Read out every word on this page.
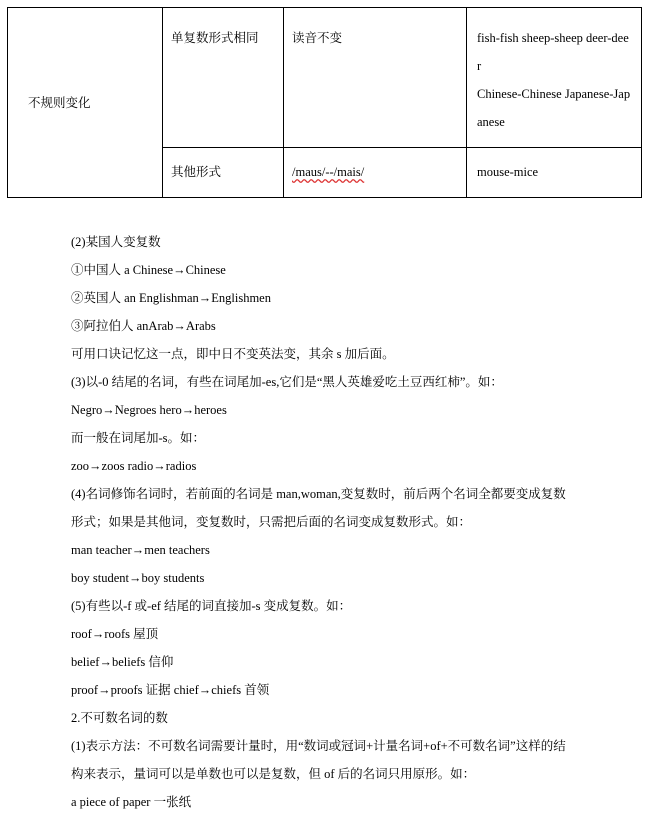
不规则变化	单复数形式相同	读音不变	fish-fish sheep-sheep deer-dee
r
Chinese-Chinese Japanese-Jap
anese

	其他形式	/maus/--/mais/	mouse-mice
(2)某国人变复数
①中国人 a Chinese→Chinese
②英国人 an Englishman→Englishmen
③阿拉伯人 anArab→Arabs
可用口诀记忆这一点，即中日不变英法变，其余 s 加后面。
(3)以-0 结尾的名词，有些在词尾加-es,它们是“黑人英雄爱吃土豆西红柿”。如：
Negro→Negroes hero→heroes
而一般在词尾加-s。如：
zoo→zoos radio→radios
(4)名词修饰名词时，若前面的名词是 man,woman,变复数时，前后两个名词全都要变成复数
形式；如果是其他词，变复数时，只需把后面的名词变成复数形式。如：
man teacher→men teachers
boy student→boy students
(5)有些以-f 或-ef 结尾的词直接加-s 变成复数。如：
roof→roofs 屋顶
belief→beliefs 信仰
proof→proofs 证据 chief→chiefs 首领
2.不可数名词的数
(1)表示方法：不可数名词需要计量时，用“数词或冠词+计量名词+of+不可数名词”这样的结
构来表示，量词可以是单数也可以是复数，但 of 后的名词只用原形。如：
a piece of paper 一张纸
